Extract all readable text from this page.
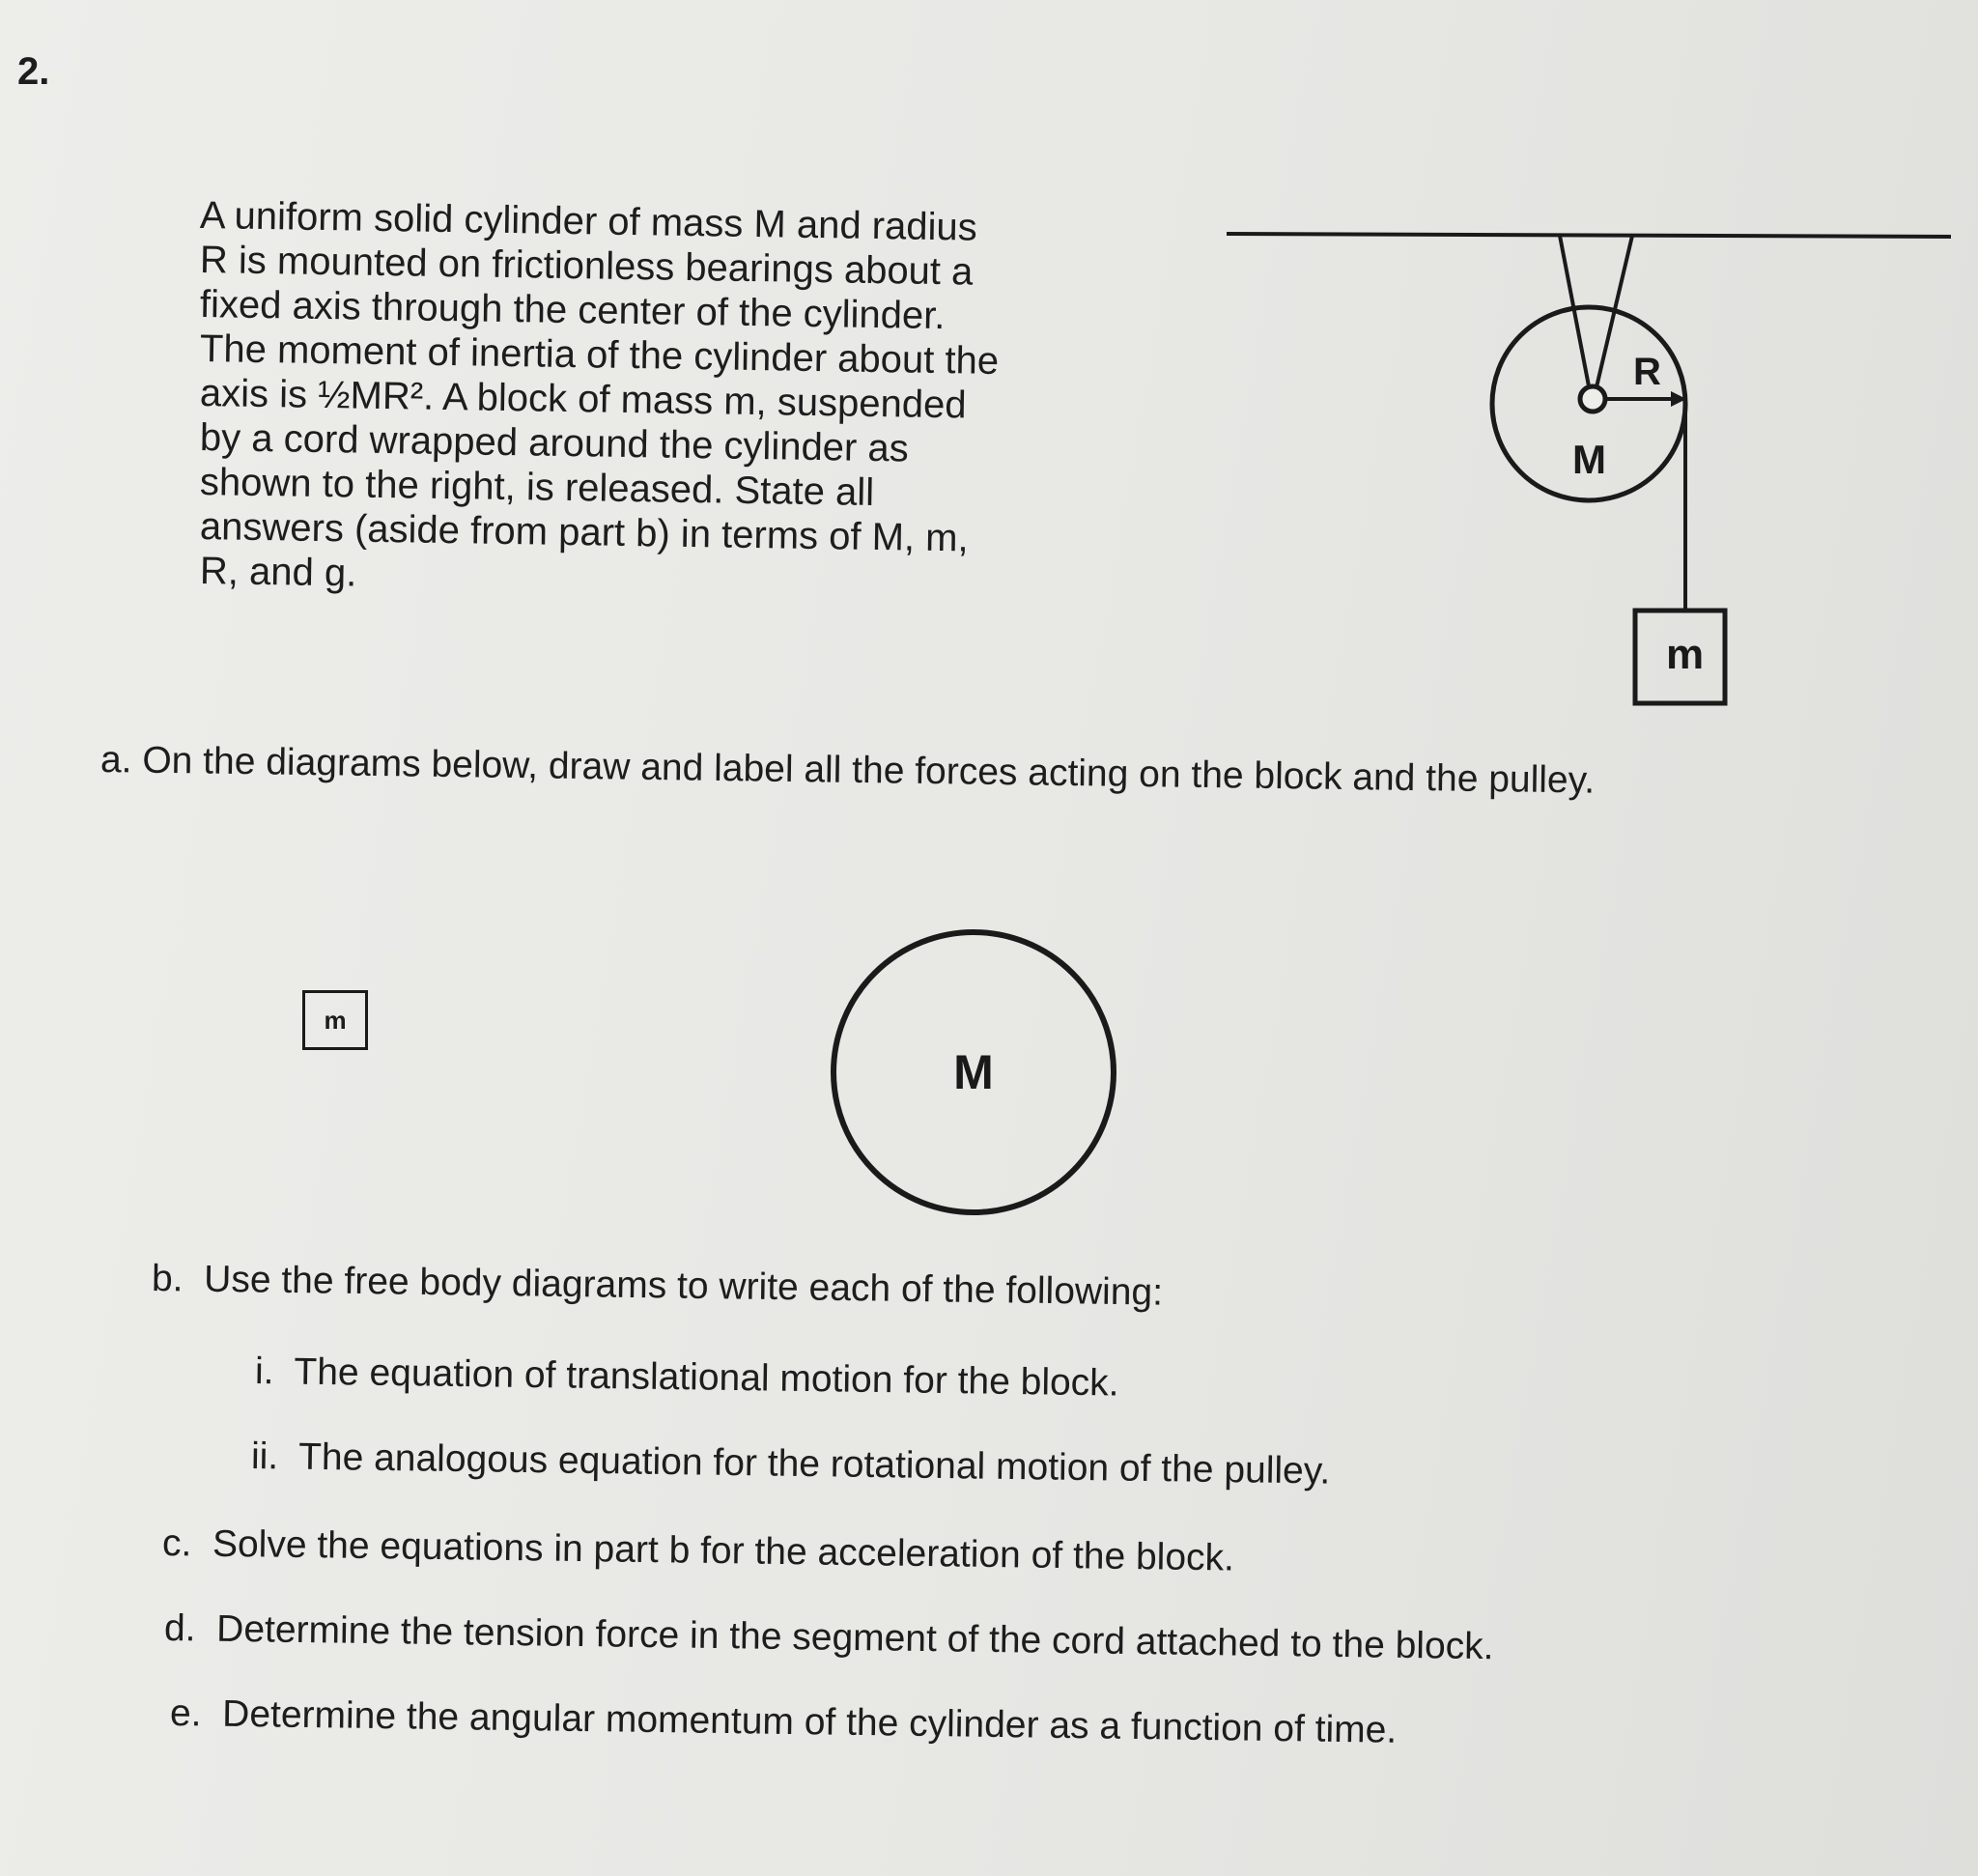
2.

A uniform solid cylinder of mass M and radius
R is mounted on frictionless bearings about a
fixed axis through the center of the cylinder.
The moment of inertia of the cylinder about the
axis is ½MR². A block of mass m, suspended
by a cord wrapped around the cylinder as
shown to the right, is released. State all
answers (aside from part b) in terms of M, m,
R, and g.

M
R
m
a. On the diagrams below, draw and label all the forces acting on the block and the pulley.
m
M
b. Use the free body diagrams to write each of the following:
i. The equation of translational motion for the block.
ii. The analogous equation for the rotational motion of the pulley.
c. Solve the equations in part b for the acceleration of the block.
d. Determine the tension force in the segment of the cord attached to the block.
e. Determine the angular momentum of the cylinder as a function of time.
